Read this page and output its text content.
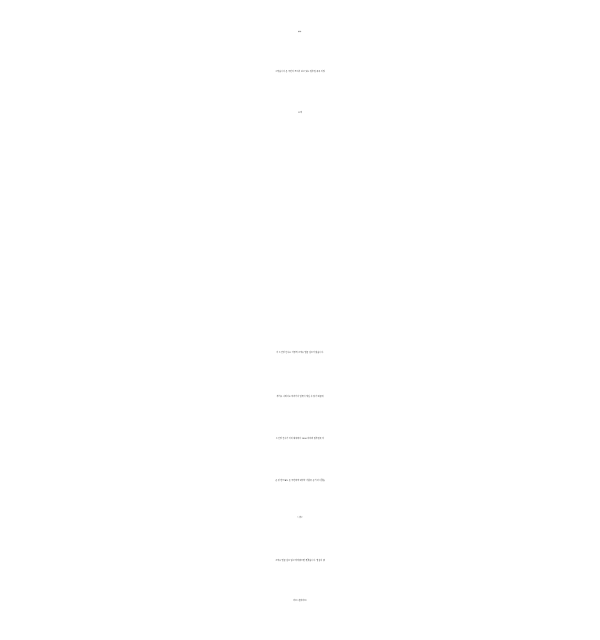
배성재 :
그렇습니다 온 국민이 모여서 보고 있는 팀추월 종목 이었
는데
자 노선영 선수는 저렇게 고개를 떨굴 필요가 없습니다.
경기를 나와서는 여러가지 일들이 생길 수 있기 때문에
노선영 선수가 이미 평창에서 1500 미터와 팀추월을 타
준 것 만으로도 온 국민에게 희망과 기쁨을 준거 아니겠습
니까?
고개를 떨굴 필요 없고 당당했으면 좋겠습니다. 열심히 했
어요! 괜찮아요!
